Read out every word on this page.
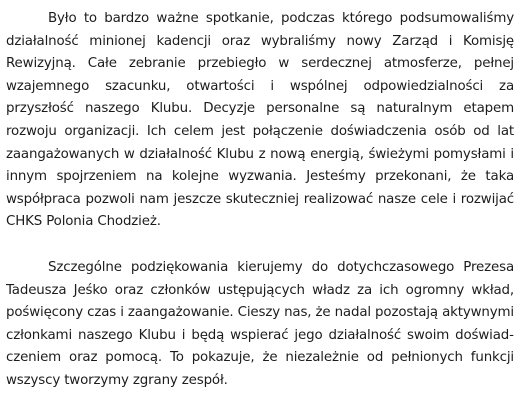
Było to bardzo ważne spotkanie, podczas którego podsumowaliśmy działalność minionej kadencji oraz wybraliśmy nowy Zarząd i Komisję Rewizyjną. Całe zebranie przebiegło w serdecznej atmosferze, pełnej wzajemnego szacunku, otwartości i wspólnej odpowiedzialności za przyszłość naszego Klubu. Decyzje personalne są naturalnym etapem rozwoju organizacji. Ich celem jest połączenie doświadczenia osób od lat zaangażowanych w działalność Klubu z nową energią, świeżymi pomysłami i innym spojrzeniem na kolejne wyzwania. Jesteśmy przekonani, że taka współpraca pozwoli nam jeszcze skuteczniej realizować nasze cele i rozwijać CHKS Polonia Chodzież.

Szczególne podziękowania kierujemy do dotychczasowego Prezesa Tadeusza Jeśko oraz członków ustępujących władz za ich ogromny wkład, poświęcony czas i zaangażowanie. Cieszy nas, że nadal pozostają aktywnymi członkami naszego Klubu i będą wspierać jego działalność swoim doświadczeniem oraz pomocą. To pokazuje, że niezależnie od pełnionych funkcji wszyscy tworzymy zgrany zespół.
